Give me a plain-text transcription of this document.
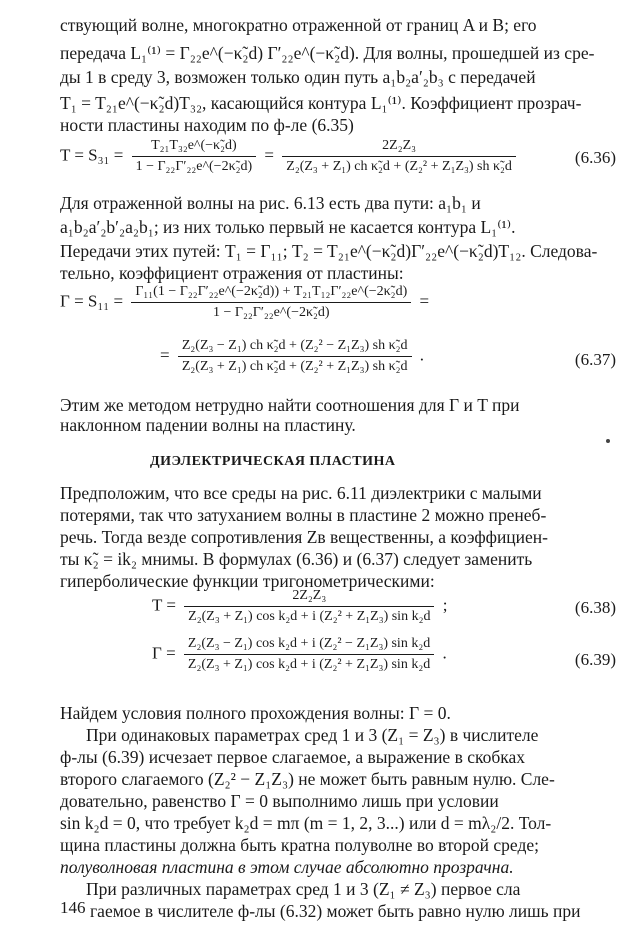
ствующий волне, многократно отраженной от границ A и B; его
передача L₁⁽¹⁾ = Γ₂₂e^(−κ̃₂d) Γ′₂₂e^(−κ̃₂d). Для волны, прошедшей из сре-
ды 1 в среду 3, возможен только один путь a₁b₂a′₂b₃ с передачей
T₁ = T₂₁e^(−κ̃₂d)T₃₂, касающийся контура L₁⁽¹⁾. Коэффициент прозрач-
ности пластины находим по ф-ле (6.35)
$T = S_{31} = \frac{\text{T₂₁T₃₂e\textasciicircum{}(−κ̃₂d)}}{\text{1 − Γ₂₂Γ′₂₂e\textasciicircum{}(−2κ̃₂d)}} = \frac{\text{2Z₂Z₃}}{\text{Z₂(Z₃ + Z₁) ch κ̃₂d + (Z₂² + Z₁Z₃) sh κ̃₂d}}$	(6.36)
Для отраженной волны на рис. 6.13 есть два пути: a₁b₁ и
a₁b₂a′₂b′₂a₂b₁; из них только первый не касается контура L₁⁽¹⁾.
Передачи этих путей: T₁ = Γ₁₁; T₂ = T₂₁e^(−κ̃₂d)Γ′₂₂e^(−κ̃₂d)T₁₂. Следова-
тельно, коэффициент отражения от пластины:
$\Gamma = S_{11} = \frac{\text{Γ₁₁(1 − Γ₂₂Γ′₂₂e\textasciicircum{}(−2κ̃₂d)) + T₂₁T₁₂Γ′₂₂e\textasciicircum{}(−2κ̃₂d)}}{\text{1 − Γ₂₂Γ′₂₂e\textasciicircum{}(−2κ̃₂d)}}$ =
= $\frac{\text{Z₂(Z₃ − Z₁) ch κ̃₂d + (Z₂² − Z₁Z₃) sh κ̃₂d}}{\text{Z₂(Z₃ + Z₁) ch κ̃₂d + (Z₂² + Z₁Z₃) sh κ̃₂d}}$ .	(6.37)
Этим же методом нетрудно найти соотношения для Γ и T при
наклонном падении волны на пластину.
ДИЭЛЕКТРИЧЕСКАЯ ПЛАСТИНА
Предположим, что все среды на рис. 6.11 диэлектрики с малыми
потерями, так что затуханием волны в пластине 2 можно пренеб-
речь. Тогда везде сопротивления Zв вещественны, а коэффициен-
ты κ̃₂ = ik₂ мнимы. В формулах (6.36) и (6.37) следует заменить
гиперболические функции тригонометрическими:
$T = \frac{\text{2Z₂Z₃}}{\text{Z₂(Z₃ + Z₁) cos k₂d + i (Z₂² + Z₁Z₃) sin k₂d}}$ ;	(6.38)
$\Gamma = \frac{\text{Z₂(Z₃ − Z₁) cos k₂d + i (Z₂² − Z₁Z₃) sin k₂d}}{\text{Z₂(Z₃ + Z₁) cos k₂d + i (Z₂² + Z₁Z₃) sin k₂d}}$ .	(6.39)
Найдем условия полного прохождения волны: Γ = 0.
При одинаковых параметрах сред 1 и 3 (Z₁ = Z₃) в числителе
ф-лы (6.39) исчезает первое слагаемое, а выражение в скобках
второго слагаемого (Z₂² − Z₁Z₃) не может быть равным нулю. Сле-
довательно, равенство Γ = 0 выполнимо лишь при условии
sin k₂d = 0, что требует k₂d = mπ (m = 1, 2, 3...) или d = mλ₂/2. Тол-
щина пластины должна быть кратна полуволне во второй среде;
полуволновая пластина в этом случае абсолютно прозрачна.
При различных параметрах сред 1 и 3 (Z₁ ≠ Z₃) первое сла
гаемое в числителе ф-лы (6.32) может быть равно нулю лишь при
146
